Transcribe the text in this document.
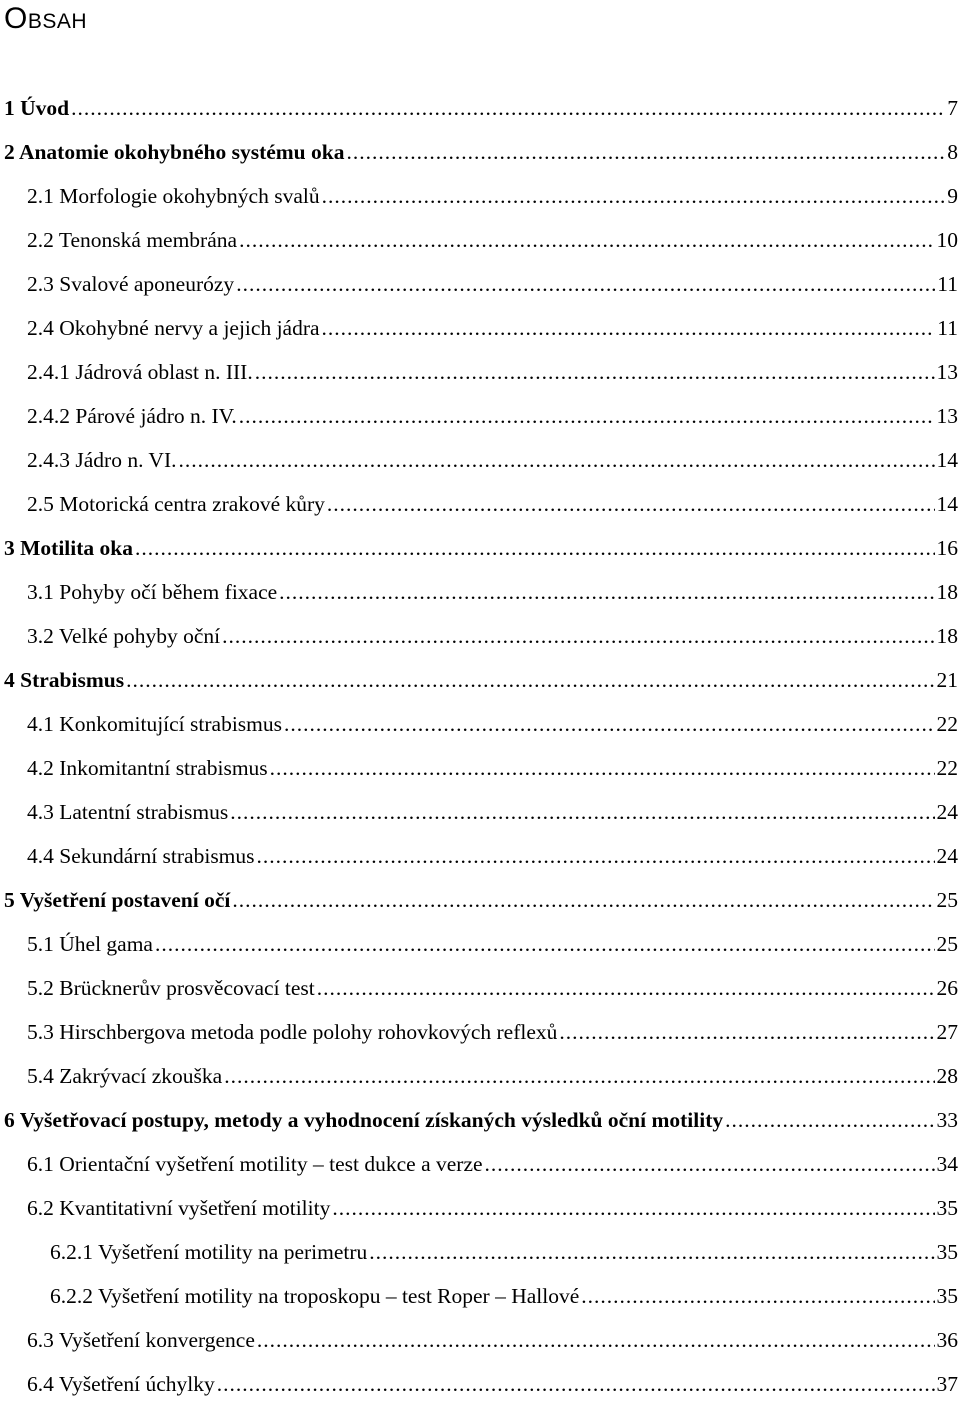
Obsah
1 Úvod .....	7
2 Anatomie okohybného systému oka .....	8
2.1 Morfologie okohybných svalů .....	9
2.2 Tenonská membrána .....	10
2.3 Svalové aponeurózy .....	11
2.4 Okohybné nervy a jejich jádra .....	11
2.4.1 Jádrová oblast n. III. .....	13
2.4.2 Párové jádro n. IV. .....	13
2.4.3 Jádro n. VI. .....	14
2.5 Motorická centra zrakové kůry .....	14
3 Motilita oka .....	16
3.1 Pohyby očí během fixace .....	18
3.2 Velké pohyby oční .....	18
4 Strabismus .....	21
4.1 Konkomitující strabismus .....	22
4.2 Inkomitantní strabismus .....	22
4.3 Latentní strabismus .....	24
4.4 Sekundární strabismus .....	24
5 Vyšetření postavení očí .....	25
5.1 Úhel gama .....	25
5.2 Brücknerův prosvěcovací test .....	26
5.3 Hirschbergova metoda podle polohy rohovkových reflexů .....	27
5.4 Zakrývací zkouška .....	28
6 Vyšetřovací postupy, metody a vyhodnocení získaných výsledků oční motility .....	33
6.1 Orientační vyšetření motility – test dukce a verze .....	34
6.2 Kvantitativní vyšetření motility .....	35
6.2.1 Vyšetření motility na perimetru .....	35
6.2.2 Vyšetření motility na troposkopu – test Roper – Hallové .....	35
6.3 Vyšetření konvergence .....	36
6.4 Vyšetření úchylky .....	37
